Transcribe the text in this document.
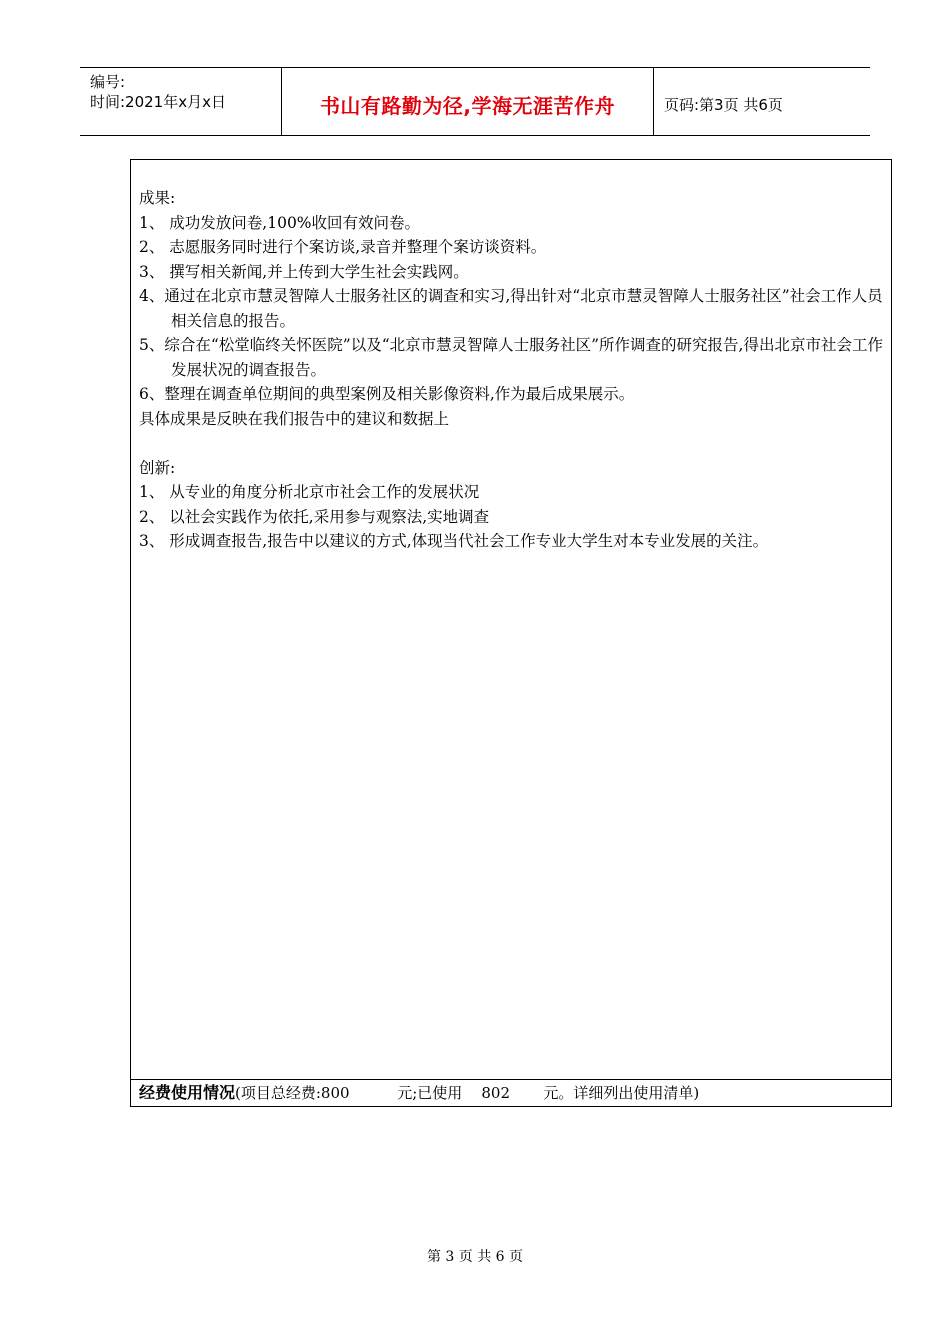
编号:
时间:2021年x月x日	书山有路勤为径,学海无涯苦作舟	页码:第3页 共6页

成果:

1、 成功发放问卷,100%收回有效问卷。

2、 志愿服务同时进行个案访谈,录音并整理个案访谈资料。

3、 撰写相关新闻,并上传到大学生社会实践网。

4、通过在北京市慧灵智障人士服务社区的调查和实习,得出针对“北京市慧灵智障人士服务社区”社会工作人员相关信息的报告。

5、综合在“松堂临终关怀医院”以及“北京市慧灵智障人士服务社区”所作调查的研究报告,得出北京市社会工作发展状况的调查报告。

6、整理在调查单位期间的典型案例及相关影像资料,作为最后成果展示。

具体成果是反映在我们报告中的建议和数据上

创新:

1、 从专业的角度分析北京市社会工作的发展状况

2、 以社会实践作为依托,采用参与观察法,实地调查

3、 形成调查报告,报告中以建议的方式,体现当代社会工作专业大学生对本专业发展的关注。

经费使用情况(项目总经费:800          元;已使用    802       元。详细列出使用清单)
第 3 页 共 6 页
